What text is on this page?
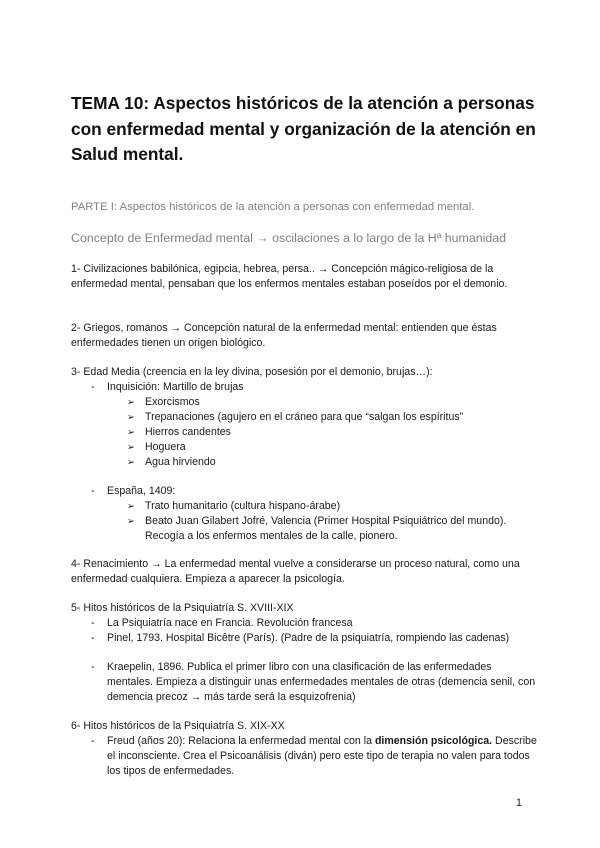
TEMA 10: Aspectos históricos de la atención a personas con enfermedad mental y organización de la atención en Salud mental.
PARTE I: Aspectos históricos de la atención a personas con enfermedad mental.
Concepto de Enfermedad mental → oscilaciones a lo largo de la Hª humanidad
1- Civilizaciones babilónica, egipcia, hebrea, persa.. → Concepción mágico-religiosa de la enfermedad mental, pensaban que los enfermos mentales estaban poseídos por el demonio.
2- Griegos, romanos → Concepción natural de la enfermedad mental: entienden que éstas enfermedades tienen un origen biológico.
3- Edad Media (creencia en la ley divina, posesión por el demonio, brujas…):
- Inquisición: Martillo de brujas
➢ Exorcismos
➢ Trepanaciones (agujero en el cráneo para que “salgan los espíritus”
➢ Hierros candentes
➢ Hoguera
➢ Agua hirviendo
- España, 1409:
➢ Trato humanitario (cultura hispano-árabe)
➢ Beato Juan Gilabert Jofré, Valencia (Primer Hospital Psiquiátrico del mundo). Recogía a los enfermos mentales de la calle, pionero.
4- Renacimiento → La enfermedad mental vuelve a considerarse un proceso natural, como una enfermedad cualquiera. Empieza a aparecer la psicología.
5- Hitos históricos de la Psiquiatría S. XVIII-XIX
- La Psiquiatría nace en Francia. Revolución francesa
- Pinel, 1793. Hospital Bicêtre (París). (Padre de la psiquiatría, rompiendo las cadenas)
- Kraepelin, 1896. Publica el primer libro con una clasificación de las enfermedades mentales. Empieza a distinguir unas enfermedades mentales de otras (demencia senil, con demencia precoz → más tarde será la esquizofrenia)
6- Hitos históricos de la Psiquiatría S. XIX-XX
- Freud (años 20): Relaciona la enfermedad mental con la dimensión psicológica. Describe el inconsciente. Crea el Psicoanálisis (diván) pero este tipo de terapia no valen para todos los tipos de enfermedades.
1
